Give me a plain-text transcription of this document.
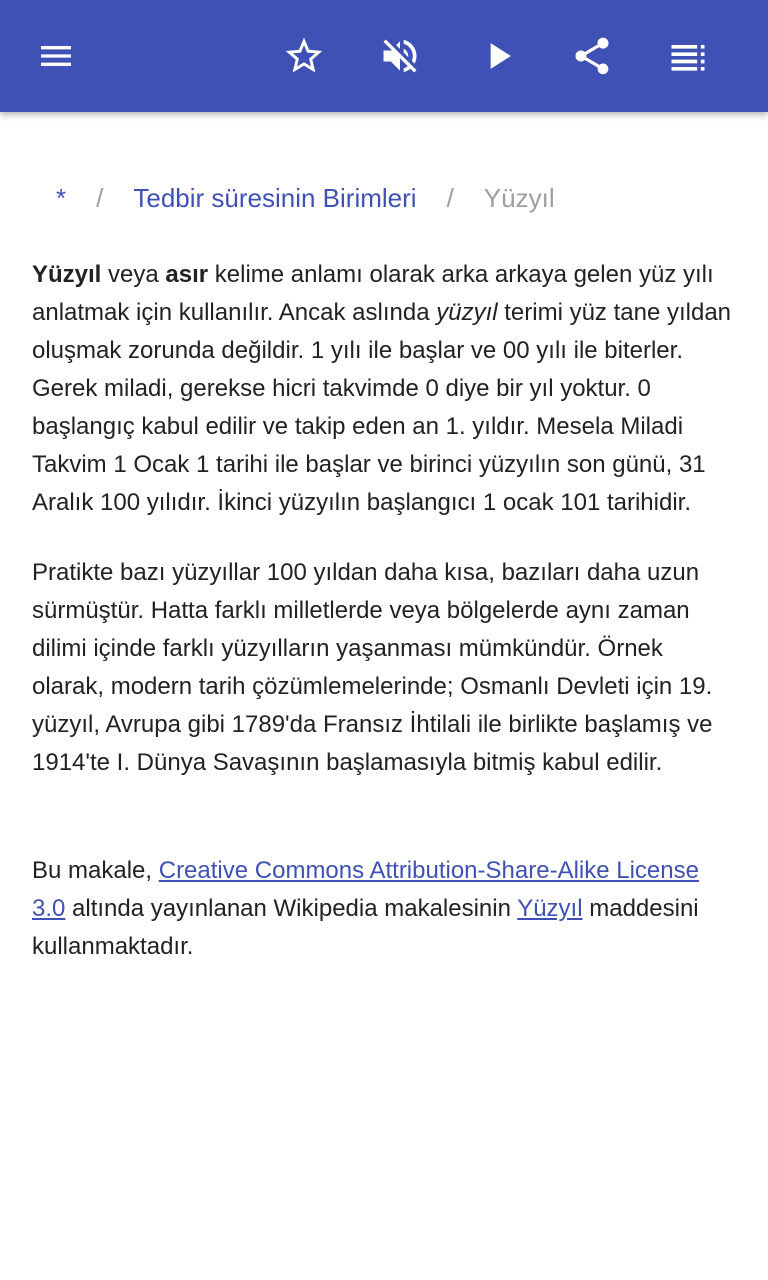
* / Tedbir süresinin Birimleri / Yüzyıl

Yüzyıl veya asır kelime anlamı olarak arka arkaya gelen yüz yılı anlatmak için kullanılır. Ancak aslında yüzyıl terimi yüz tane yıldan oluşmak zorunda değildir. 1 yılı ile başlar ve 00 yılı ile biterler. Gerek miladi, gerekse hicri takvimde 0 diye bir yıl yoktur. 0 başlangıç kabul edilir ve takip eden an 1. yıldır. Mesela Miladi Takvim 1 Ocak 1 tarihi ile başlar ve birinci yüzyılın son günü, 31 Aralık 100 yılıdır. İkinci yüzyılın başlangıcı 1 ocak 101 tarihidir.

Pratikte bazı yüzyıllar 100 yıldan daha kısa, bazıları daha uzun sürmüştür. Hatta farklı milletlerde veya bölgelerde aynı zaman dilimi içinde farklı yüzyılların yaşanması mümkündür. Örnek olarak, modern tarih çözümlemelerinde; Osmanlı Devleti için 19. yüzyıl, Avrupa gibi 1789'da Fransız İhtilali ile birlikte başlamış ve 1914'te I. Dünya Savaşının başlamasıyla bitmiş kabul edilir.

Bu makale, Creative Commons Attribution-Share-Alike License 3.0 altında yayınlanan Wikipedia makalesinin Yüzyıl maddesini kullanmaktadır.
